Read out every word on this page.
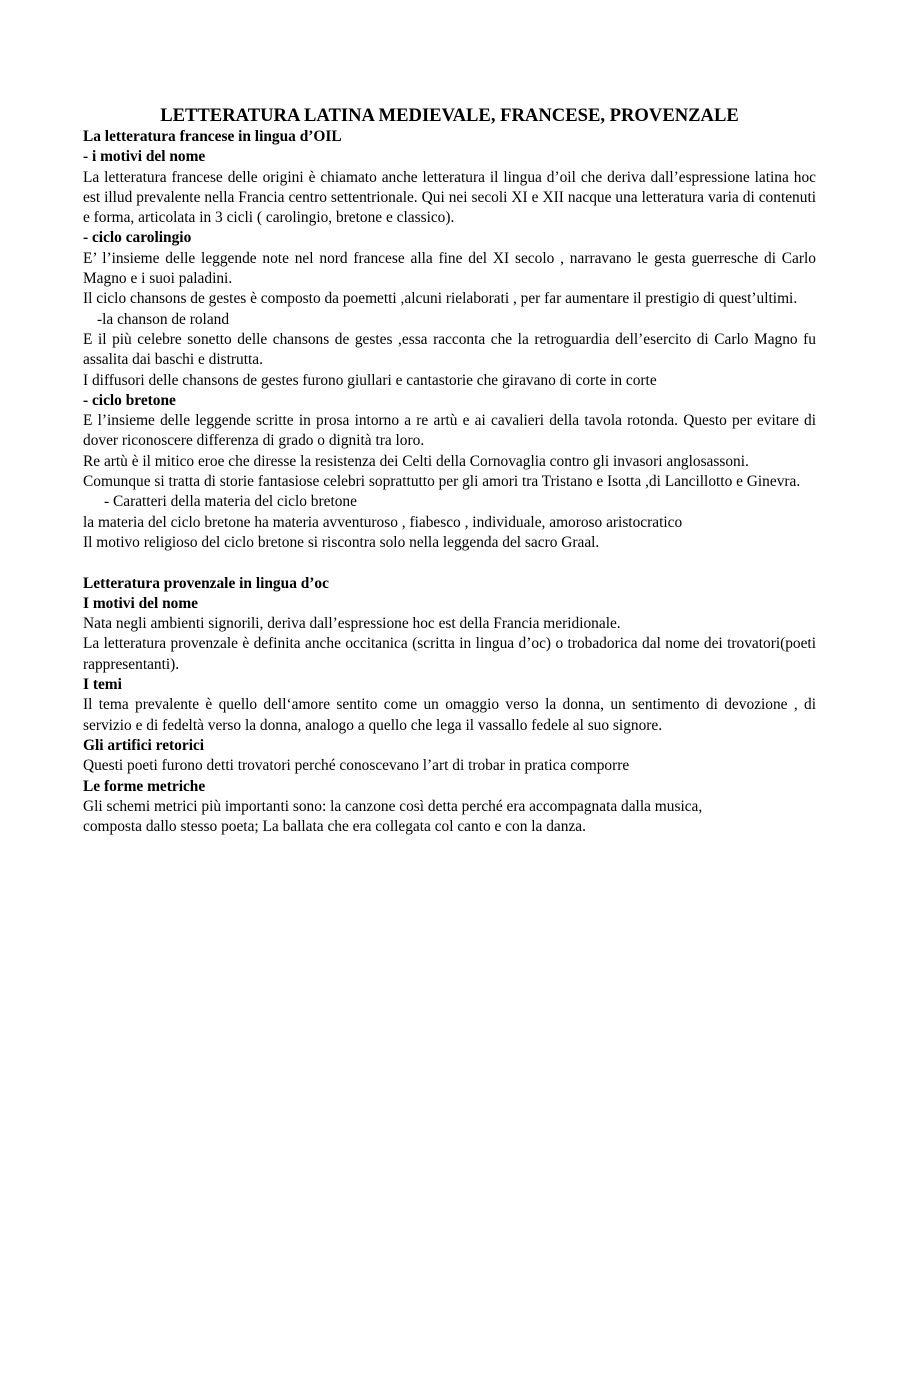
LETTERATURA LATINA MEDIEVALE, FRANCESE, PROVENZALE
La letteratura francese in lingua d’OIL
- i motivi del nome

La letteratura francese delle origini è chiamato anche letteratura il lingua d’oil che deriva dall’espressione latina hoc est illud prevalente nella Francia centro settentrionale. Qui nei secoli XI e XII nacque una letteratura varia di contenuti e forma, articolata in 3 cicli ( carolingio, bretone e classico).

- ciclo carolingio

E’ l’insieme delle leggende note nel nord francese alla fine del XI secolo , narravano le gesta guerresche di Carlo Magno e i suoi paladini.

Il ciclo chansons de gestes è composto da poemetti ,alcuni rielaborati , per far aumentare il prestigio di quest’ultimi.

-la chanson de roland

E il più celebre sonetto delle chansons de gestes ,essa racconta che la retroguardia dell’esercito di Carlo Magno fu assalita dai baschi e distrutta.

I diffusori delle chansons de gestes furono giullari e cantastorie che giravano di corte in corte

- ciclo bretone

E l’insieme delle leggende scritte in prosa intorno a re artù e ai cavalieri della tavola rotonda. Questo per evitare di dover riconoscere differenza di grado o dignità tra loro.

Re artù è il mitico eroe che diresse la resistenza dei Celti della Cornovaglia contro gli invasori anglosassoni.

Comunque si tratta di storie fantasiose celebri soprattutto per gli amori tra Tristano e Isotta ,di Lancillotto e Ginevra.

- Caratteri della materia del ciclo bretone

la materia del ciclo bretone ha materia avventuroso , fiabesco , individuale, amoroso aristocratico

Il motivo religioso del ciclo bretone si riscontra solo nella leggenda del sacro Graal.

Letteratura provenzale in lingua d’oc
I motivi del nome

Nata negli ambienti signorili, deriva dall’espressione hoc est della Francia meridionale.

La letteratura provenzale è definita anche occitanica (scritta in lingua d’oc) o trobadorica dal nome dei trovatori(poeti rappresentanti).

I temi

Il tema prevalente è quello dell‘amore sentito come un omaggio verso la donna, un sentimento di devozione , di servizio e di fedeltà verso la donna, analogo a quello che lega il vassallo fedele al suo signore.

Gli artifici retorici

Questi poeti furono detti trovatori perché conoscevano l’art di trobar in pratica comporre

Le forme metriche

Gli schemi metrici più importanti sono: la canzone così detta perché era accompagnata dalla musica,

composta dallo stesso poeta; La ballata che era collegata col canto e con la danza.
